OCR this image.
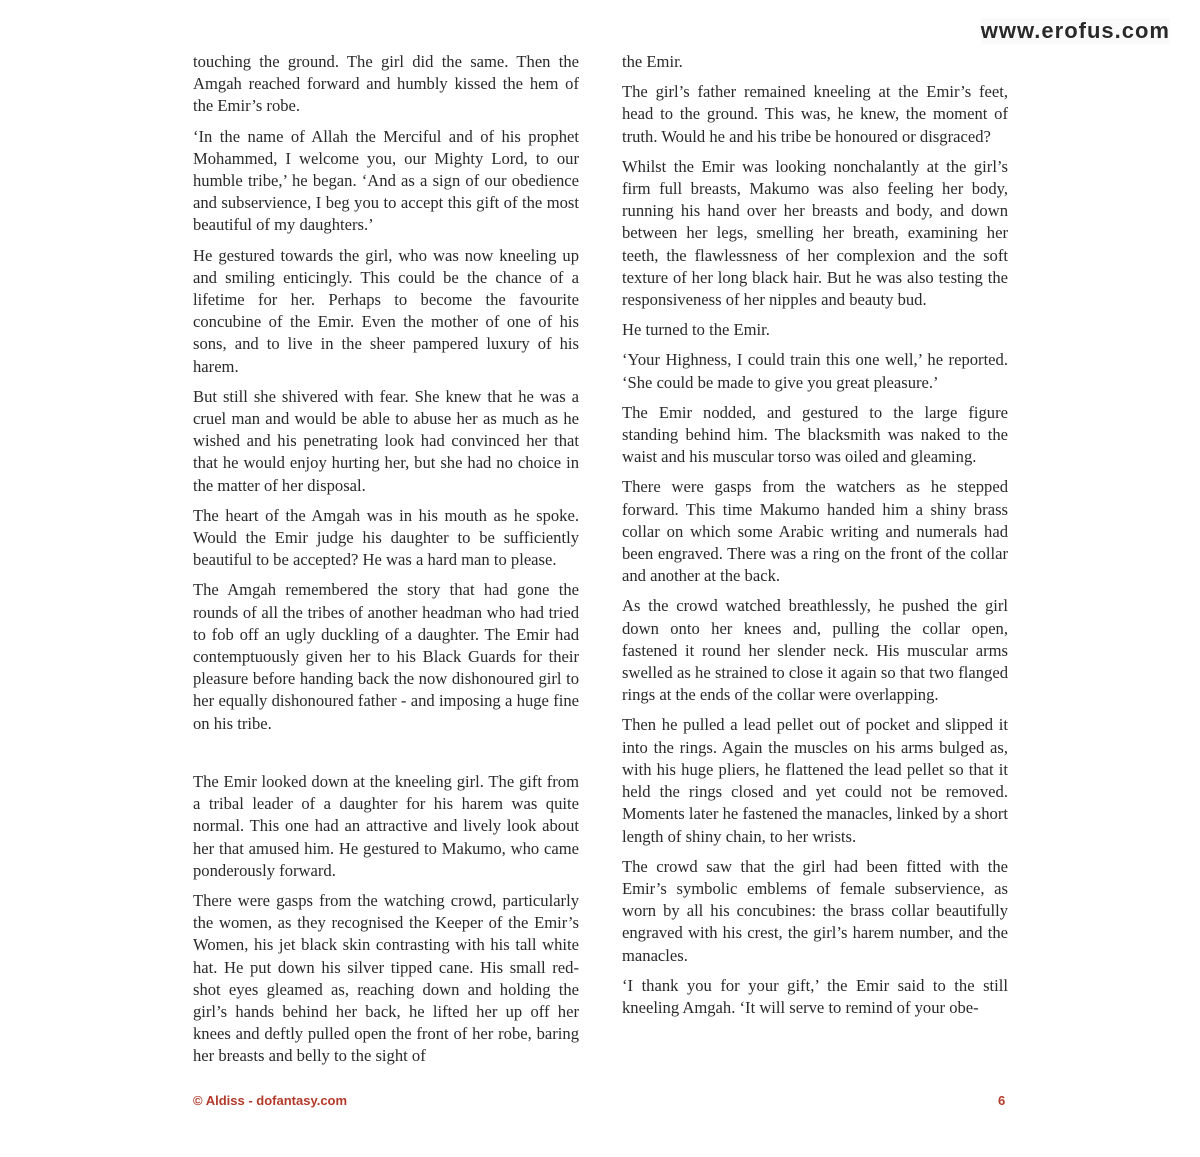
www.erofus.com

touching the ground. The girl did the same. Then the Amgah reached forward and humbly kissed the hem of the Emir’s robe.

‘In the name of Allah the Merciful and of his prophet Mohammed, I welcome you, our Mighty Lord, to our humble tribe,’ he began. ‘And as a sign of our obedience and subservience, I beg you to accept this gift of the most beautiful of my daughters.’

He gestured towards the girl, who was now kneeling up and smiling enticingly. This could be the chance of a lifetime for her. Perhaps to become the favourite concubine of the Emir. Even the mother of one of his sons, and to live in the sheer pampered luxury of his harem.

But still she shivered with fear. She knew that he was a cruel man and would be able to abuse her as much as he wished and his penetrating look had convinced her that that he would enjoy hurting her, but she had no choice in the matter of her disposal.

The heart of the Amgah was in his mouth as he spoke. Would the Emir judge his daughter to be sufficiently beautiful to be accepted? He was a hard man to please.

The Amgah remembered the story that had gone the rounds of all the tribes of another headman who had tried to fob off an ugly duckling of a daughter. The Emir had contemptuously given her to his Black Guards for their pleasure before handing back the now dishonoured girl to her equally dishonoured father - and imposing a huge fine on his tribe.

The Emir looked down at the kneeling girl. The gift from a tribal leader of a daughter for his harem was quite normal. This one had an attractive and lively look about her that amused him. He gestured to Makumo, who came ponderously forward.

There were gasps from the watching crowd, particularly the women, as they recognised the Keeper of the Emir’s Women, his jet black skin contrasting with his tall white hat. He put down his silver tipped cane. His small red-shot eyes gleamed as, reaching down and holding the girl’s hands behind her back, he lifted her up off her knees and deftly pulled open the front of her robe, baring her breasts and belly to the sight of

the Emir.

The girl’s father remained kneeling at the Emir’s feet, head to the ground. This was, he knew, the moment of truth. Would he and his tribe be honoured or disgraced?

Whilst the Emir was looking nonchalantly at the girl’s firm full breasts, Makumo was also feeling her body, running his hand over her breasts and body, and down between her legs, smelling her breath, examining her teeth, the flawlessness of her complexion and the soft texture of her long black hair. But he was also testing the responsiveness of her nipples and beauty bud.

He turned to the Emir.

‘Your Highness, I could train this one well,’ he reported. ‘She could be made to give you great pleasure.’

The Emir nodded, and gestured to the large figure standing behind him. The blacksmith was naked to the waist and his muscular torso was oiled and gleaming.

There were gasps from the watchers as he stepped forward. This time Makumo handed him a shiny brass collar on which some Arabic writing and numerals had been engraved. There was a ring on the front of the collar and another at the back.

As the crowd watched breathlessly, he pushed the girl down onto her knees and, pulling the collar open, fastened it round her slender neck. His muscular arms swelled as he strained to close it again so that two flanged rings at the ends of the collar were overlapping.

Then he pulled a lead pellet out of pocket and slipped it into the rings. Again the muscles on his arms bulged as, with his huge pliers, he flattened the lead pellet so that it held the rings closed and yet could not be removed. Moments later he fastened the manacles, linked by a short length of shiny chain, to her wrists.

The crowd saw that the girl had been fitted with the Emir’s symbolic emblems of female subservience, as worn by all his concubines: the brass collar beautifully engraved with his crest, the girl’s harem number, and the manacles.

‘I thank you for your gift,’ the Emir said to the still kneeling Amgah. ‘It will serve to remind of your obe-

© Aldiss - dofantasy.com	6
